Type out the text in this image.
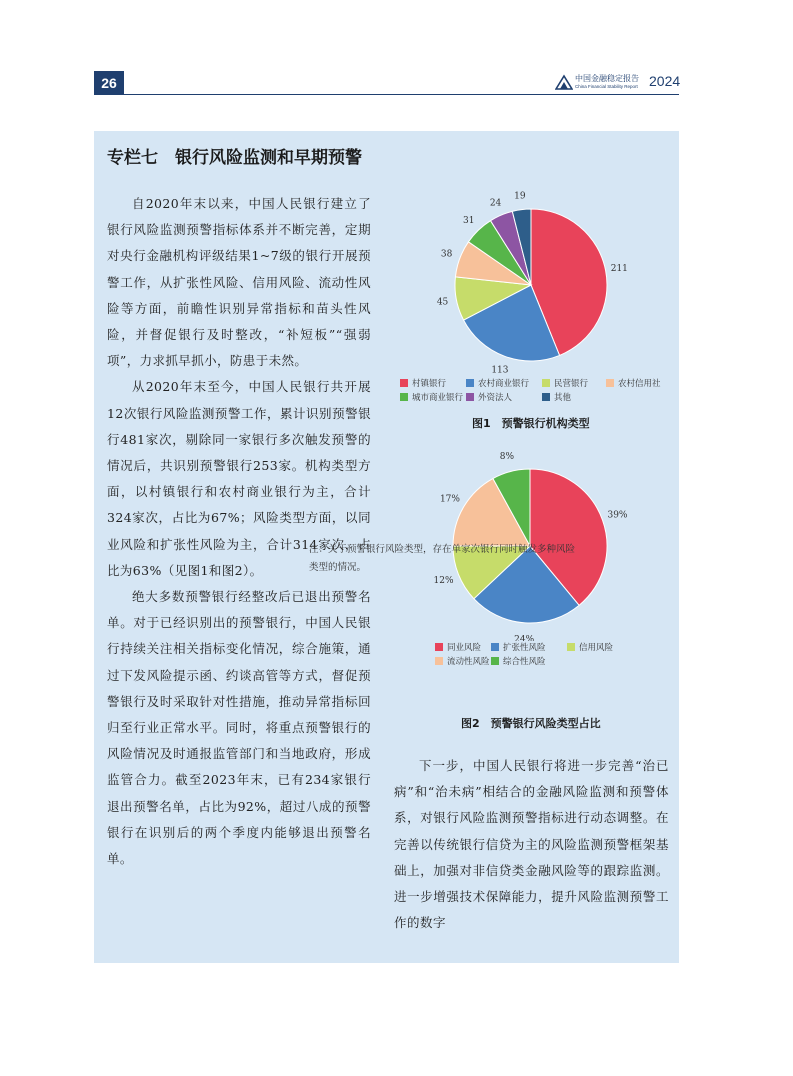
26	中国金融稳定报告
China Financial Stability Report 2024
专栏七　银行风险监测和早期预警

自2020年末以来，中国人民银行建立了银行风险监测预警指标体系并不断完善，定期对央行金融机构评级结果1~7级的银行开展预警工作，从扩张性风险、信用风险、流动性风险等方面，前瞻性识别异常指标和苗头性风险，并督促银行及时整改，“补短板”“强弱项”，力求抓早抓小，防患于未然。

从2020年末至今，中国人民银行共开展12次银行风险监测预警工作，累计识别预警银行481家次，剔除同一家银行多次触发预警的情况后，共识别预警银行253家。机构类型方面，以村镇银行和农村商业银行为主，合计324家次，占比为67%；风险类型方面，以同业风险和扩张性风险为主，合计314家次，占比为63%（见图1和图2）。

绝大多数预警银行经整改后已退出预警名单。对于已经识别出的预警银行，中国人民银行持续关注相关指标变化情况，综合施策，通过下发风险提示函、约谈高管等方式，督促预警银行及时采取针对性措施，推动异常指标回归至行业正常水平。同时，将重点预警银行的风险情况及时通报监管部门和当地政府，形成监管合力。截至2023年末，已有234家银行退出预警名单，占比为92%，超过八成的预警银行在识别后的两个季度内能够退出预警名单。

211
113
45
38
31
24
19
村镇银行	农村商业银行	民营银行	农村信用社
城市商业银行	外资法人	其他
图1　预警银行机构类型
39%
24%
12%
17%
8%
同业风险	扩张性风险	信用风险
流动性风险	综合性风险

下一步，中国人民银行将进一步完善“治已病”和“治未病”相结合的金融风险监测和预警体系，对银行风险监测预警指标进行动态调整。在完善以传统银行信贷为主的风险监测预警框架基础上，加强对非信贷类金融风险等的跟踪监测。进一步增强技术保障能力，提升风险监测预警工作的数字

注：关于预警银行风险类型，存在单家次银行同时触发多种风险类型的情况。
图2　预警银行风险类型占比
